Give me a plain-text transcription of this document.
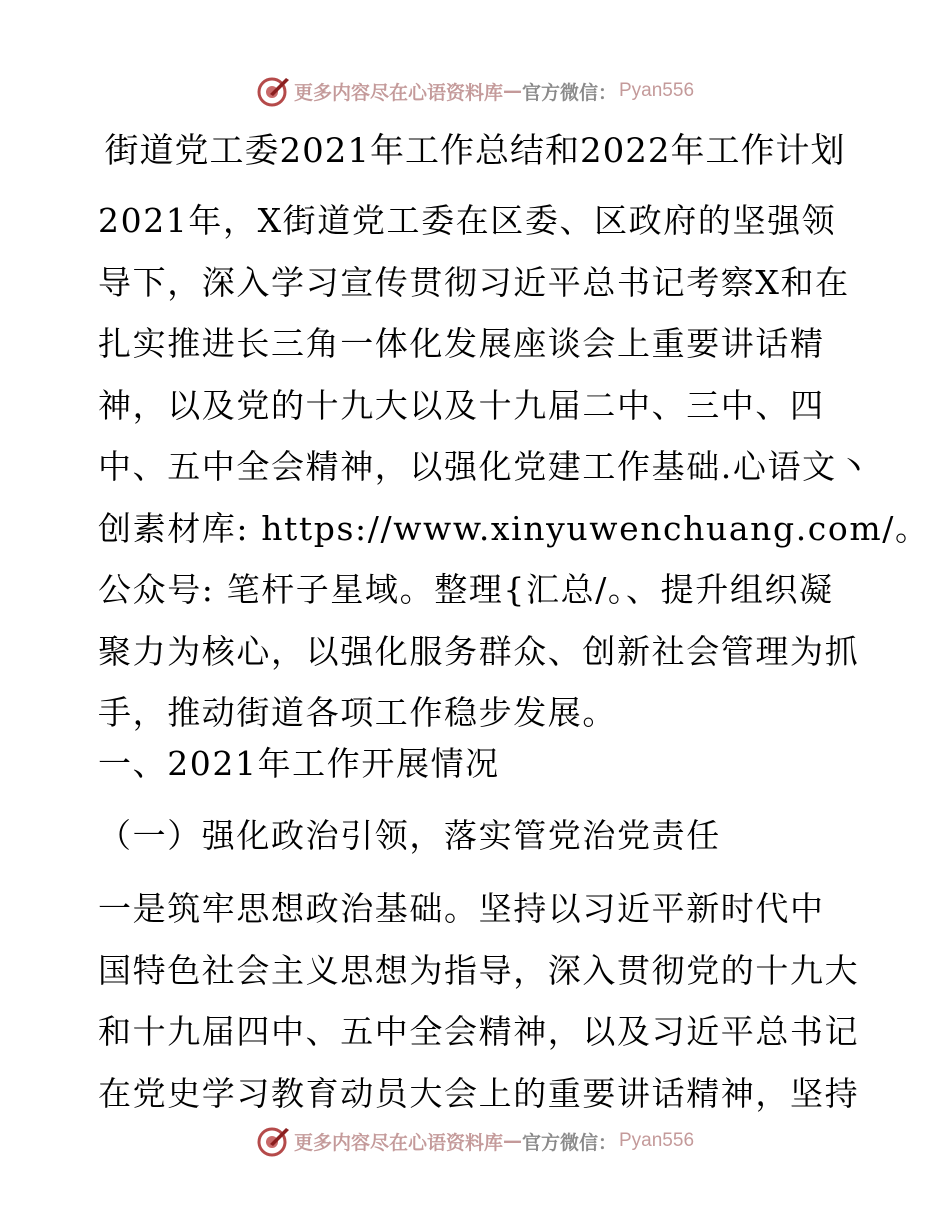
更多内容尽在心语资料库 — 官方微信： Pyan556
街道党工委2021年工作总结和2022年工作计划
2021年，X街道党工委在区委、区政府的坚强领
导下，深入学习宣传贯彻习近平总书记考察X和在
扎实推进长三角一体化发展座谈会上重要讲话精
神，以及党的十九大以及十九届二中、三中、四
中、五中全会精神，以强化党建工作基础.心语文丶
创素材库: https://www.xinyuwenchuang.com/。
公众号: 笔杆子星域。整理{汇总/。、提升组织凝
聚力为核心，以强化服务群众、创新社会管理为抓
手，推动街道各项工作稳步发展。
一、2021年工作开展情况
（一）强化政治引领，落实管党治党责任
一是筑牢思想政治基础。坚持以习近平新时代中
国特色社会主义思想为指导，深入贯彻党的十九大
和十九届四中、五中全会精神，以及习近平总书记
在党史学习教育动员大会上的重要讲话精神，坚持
更多内容尽在心语资料库 — 官方微信： Pyan556
